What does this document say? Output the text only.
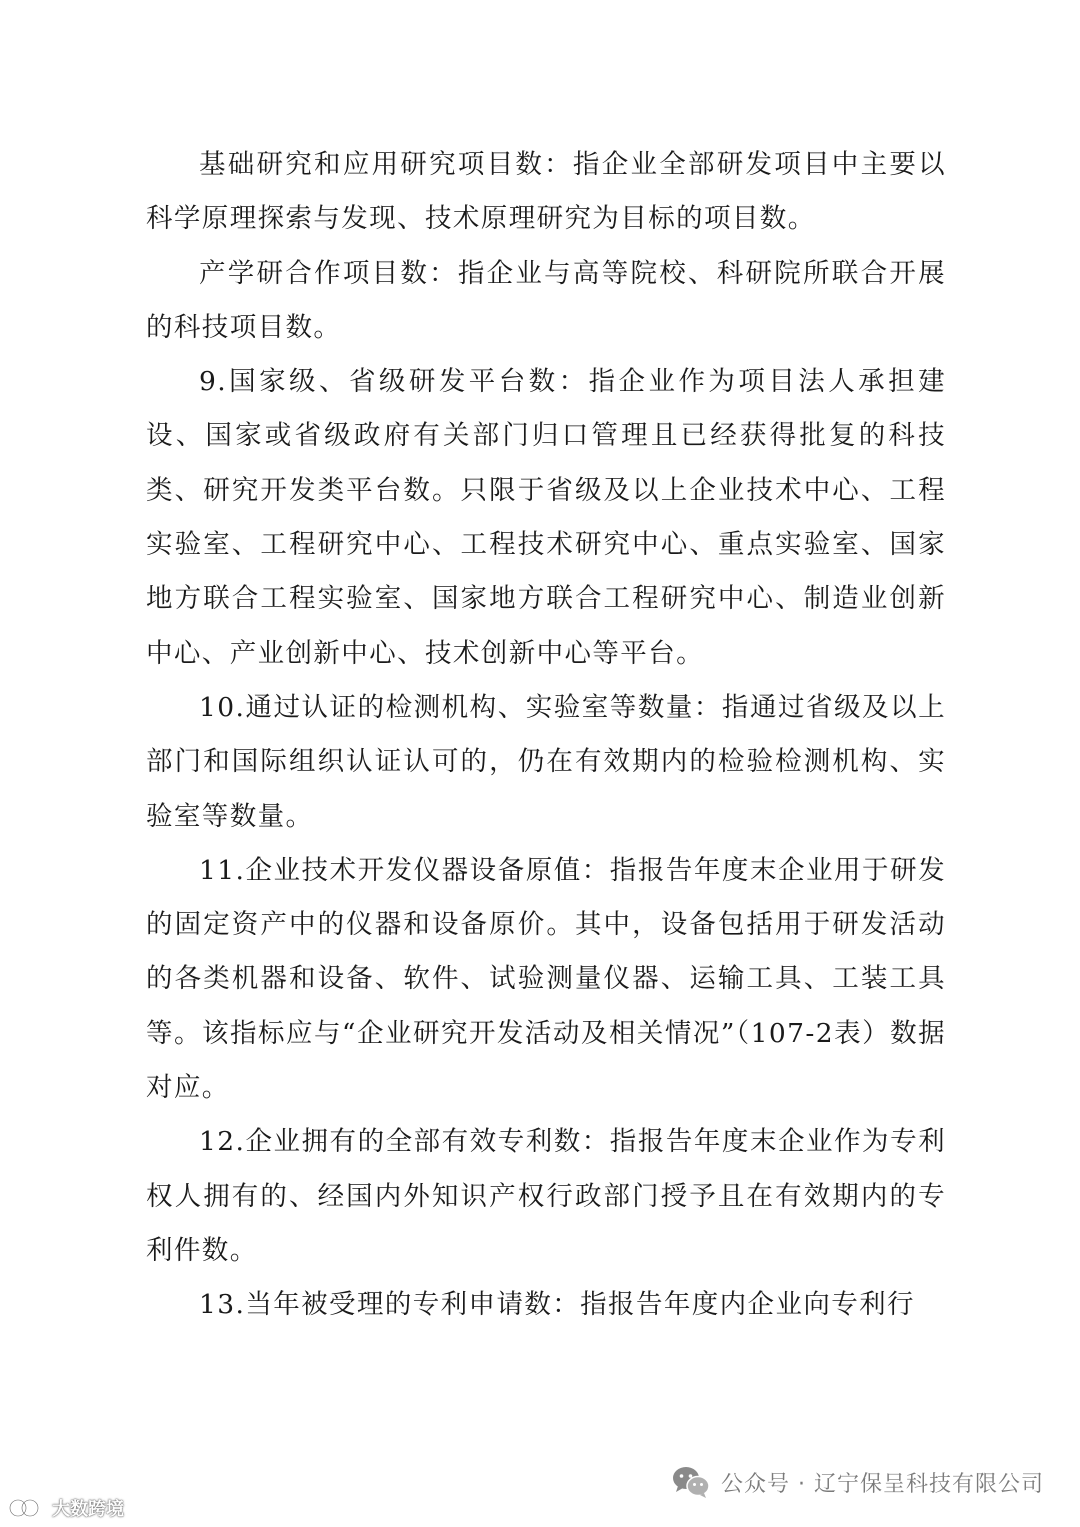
基础研究和应用研究项目数：指企业全部研发项目中主要以科学原理探索与发现、技术原理研究为目标的项目数。

产学研合作项目数：指企业与高等院校、科研院所联合开展的科技项目数。

9.国家级、省级研发平台数：指企业作为项目法人承担建设、国家或省级政府有关部门归口管理且已经获得批复的科技类、研究开发类平台数。只限于省级及以上企业技术中心、工程实验室、工程研究中心、工程技术研究中心、重点实验室、国家地方联合工程实验室、国家地方联合工程研究中心、制造业创新中心、产业创新中心、技术创新中心等平台。

10.通过认证的检测机构、实验室等数量：指通过省级及以上部门和国际组织认证认可的，仍在有效期内的检验检测机构、实验室等数量。

11.企业技术开发仪器设备原值：指报告年度末企业用于研发的固定资产中的仪器和设备原价。其中，设备包括用于研发活动的各类机器和设备、软件、试验测量仪器、运输工具、工装工具等。该指标应与“企业研究开发活动及相关情况”（107-2表）数据对应。

12.企业拥有的全部有效专利数：指报告年度末企业作为专利权人拥有的、经国内外知识产权行政部门授予且在有效期内的专利件数。

13.当年被受理的专利申请数：指报告年度内企业向专利行

公众号 · 辽宁保呈科技有限公司
大数跨境
